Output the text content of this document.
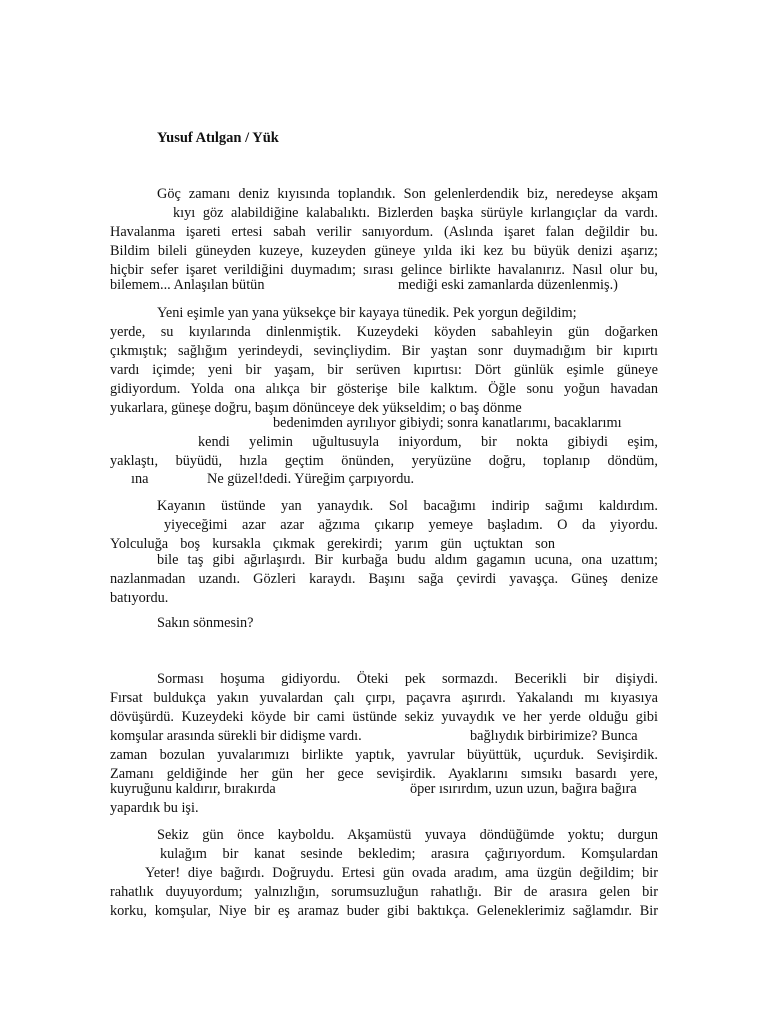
Yusuf Atılgan / Yük
Göç zamanı deniz kıyısında toplandık. Son gelenlerdendik biz, neredeyse akşam
kıyı göz alabildiğine kalabalıktı. Bizlerden başka sürüyle kırlangıçlar da vardı.
Havalanma işareti ertesi sabah verilir sanıyordum. (Aslında işaret falan değildir bu.
Bildim bileli güneyden kuzeye, kuzeyden güneye yılda iki kez bu büyük denizi aşarız;
hiçbir sefer işaret verildiğini duymadım; sırası gelince birlikte havalanırız. Nasıl olur bu,
bilemem... Anlaşılan bütün	mediği eski zamanlarda düzenlenmiş.)
Yeni eşimle yan yana yüksekçe bir kayaya tünedik. Pek yorgun değildim;
yerde, su kıyılarında dinlenmiştik. Kuzeydeki köyden sabahleyin gün doğarken
çıkmıştık; sağlığım yerindeydi, sevinçliydim. Bir yaştan sonr duymadığım bir kıpırtı
vardı içimde; yeni bir yaşam, bir serüven kıpırtısı: Dört günlük eşimle güneye
gidiyordum. Yolda ona alıkça bir gösterişe bile kalktım. Öğle sonu yoğun havadan
yukarlara, güneşe doğru, başım dönünceye dek yükseldim; o baş dönme
bedenimden ayrılıyor gibiydi; sonra kanatlarımı, bacaklarımı
kendi yelimin uğultusuyla iniyordum, bir nokta gibiydi eşim,
yaklaştı, büyüdü, hızla geçtim önünden, yeryüzüne doğru, toplanıp döndüm,
ına	Ne güzel!dedi. Yüreğim çarpıyordu.
Kayanın üstünde yan yanaydık. Sol bacağımı indirip sağımı kaldırdım.
yiyeceğimi azar azar ağzıma çıkarıp yemeye başladım. O da yiyordu.
Yolculuğa boş kursakla çıkmak gerekirdi; yarım gün uçtuktan son
bile taş gibi ağırlaşırdı. Bir kurbağa budu aldım gagamın ucuna, ona uzattım;
nazlanmadan uzandı. Gözleri karaydı. Başını sağa çevirdi yavaşça. Güneş denize
batıyordu.
Sakın sönmesin?
Sorması hoşuma gidiyordu. Öteki pek sormazdı. Becerikli bir dişiydi.
Fırsat buldukça yakın yuvalardan çalı çırpı, paçavra aşırırdı. Yakalandı mı kıyasıya
dövüşürdü. Kuzeydeki köyde bir cami üstünde sekiz yuvaydık ve her yerde olduğu gibi
komşular arasında sürekli bir didişme vardı.	bağlıydık birbirimize? Bunca
zaman bozulan yuvalarımızı birlikte yaptık, yavrular büyüttük, uçurduk. Sevişirdik.
Zamanı geldiğinde her gün her gece sevişirdik. Ayaklarını sımsıkı basardı yere,
kuyruğunu kaldırır, bırakırda	öper ısırırdım, uzun uzun, bağıra bağıra
yapardık bu işi.
Sekiz gün önce kayboldu. Akşamüstü yuvaya döndüğümde yoktu; durgun
kulağım bir kanat sesinde bekledim; arasıra çağırıyordum. Komşulardan
Yeter! diye bağırdı. Doğruydu. Ertesi gün ovada aradım, ama üzgün değildim; bir
rahatlık duyuyordum; yalnızlığın, sorumsuzluğun rahatlığı. Bir de arasıra gelen bir
korku, komşular, Niye bir eş aramaz buder gibi baktıkça. Geleneklerimiz sağlamdır. Bir
